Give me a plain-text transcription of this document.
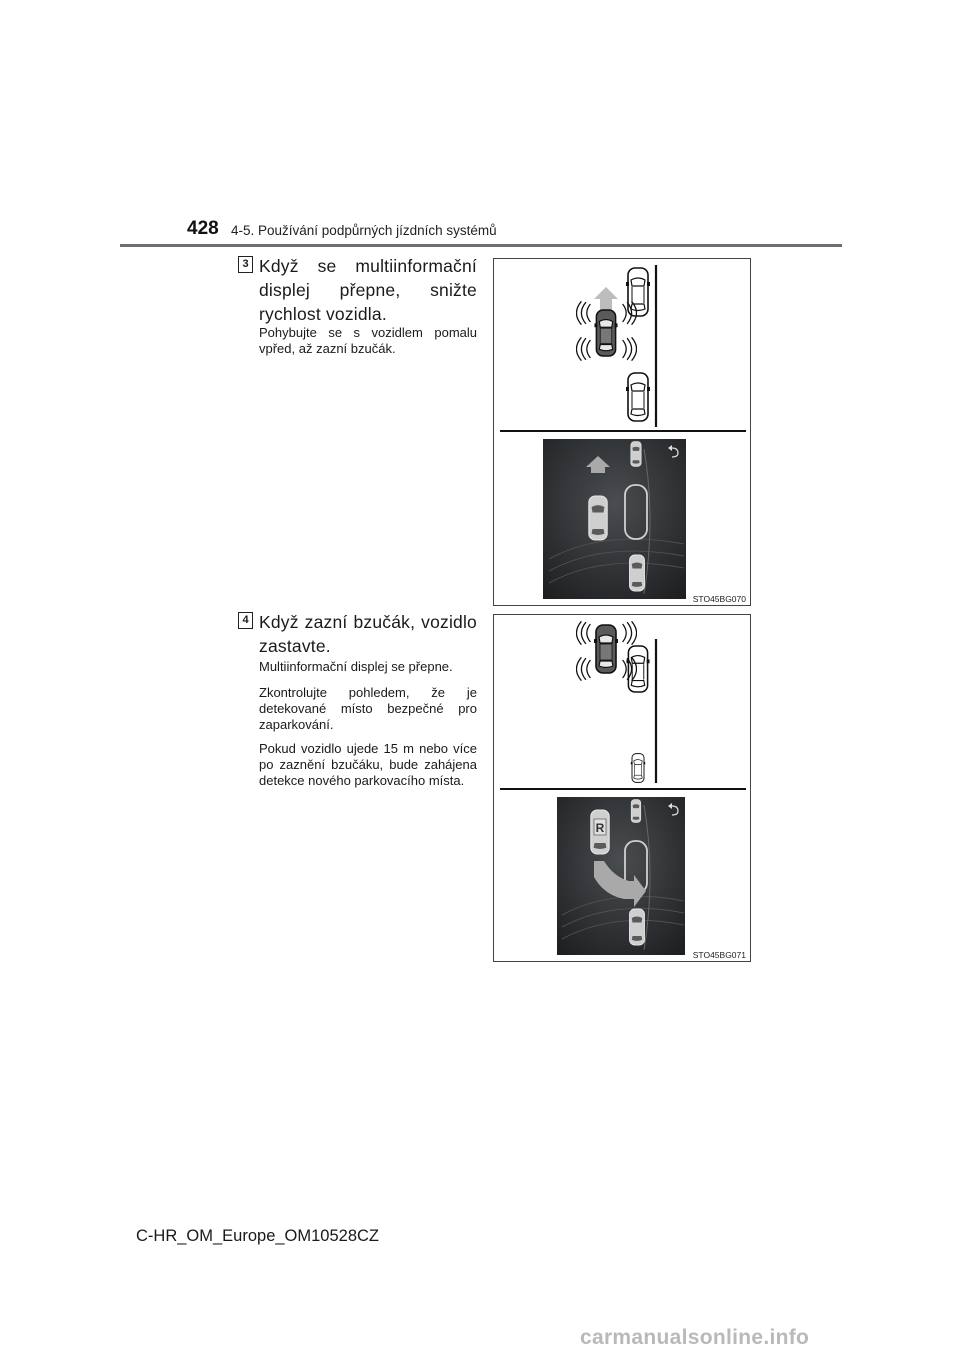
428 4-5. Používání podpůrných jízdních systémů
3 Když se multiinformační displej přepne, snižte rychlost vozidla.
Pohybujte se s vozidlem pomalu vpřed, až zazní bzučák.
STO45BG070
4 Když zazní bzučák, vozidlo zastavte.
Multiinformační displej se přepne.
Zkontrolujte pohledem, že je detekované místo bezpečné pro zaparkování.
Pokud vozidlo ujede 15 m nebo více po zaznění bzučáku, bude zahájena detekce nového parkovacího místa.
R
STO45BG071
C-HR_OM_Europe_OM10528CZ
carmanualsonline.info
